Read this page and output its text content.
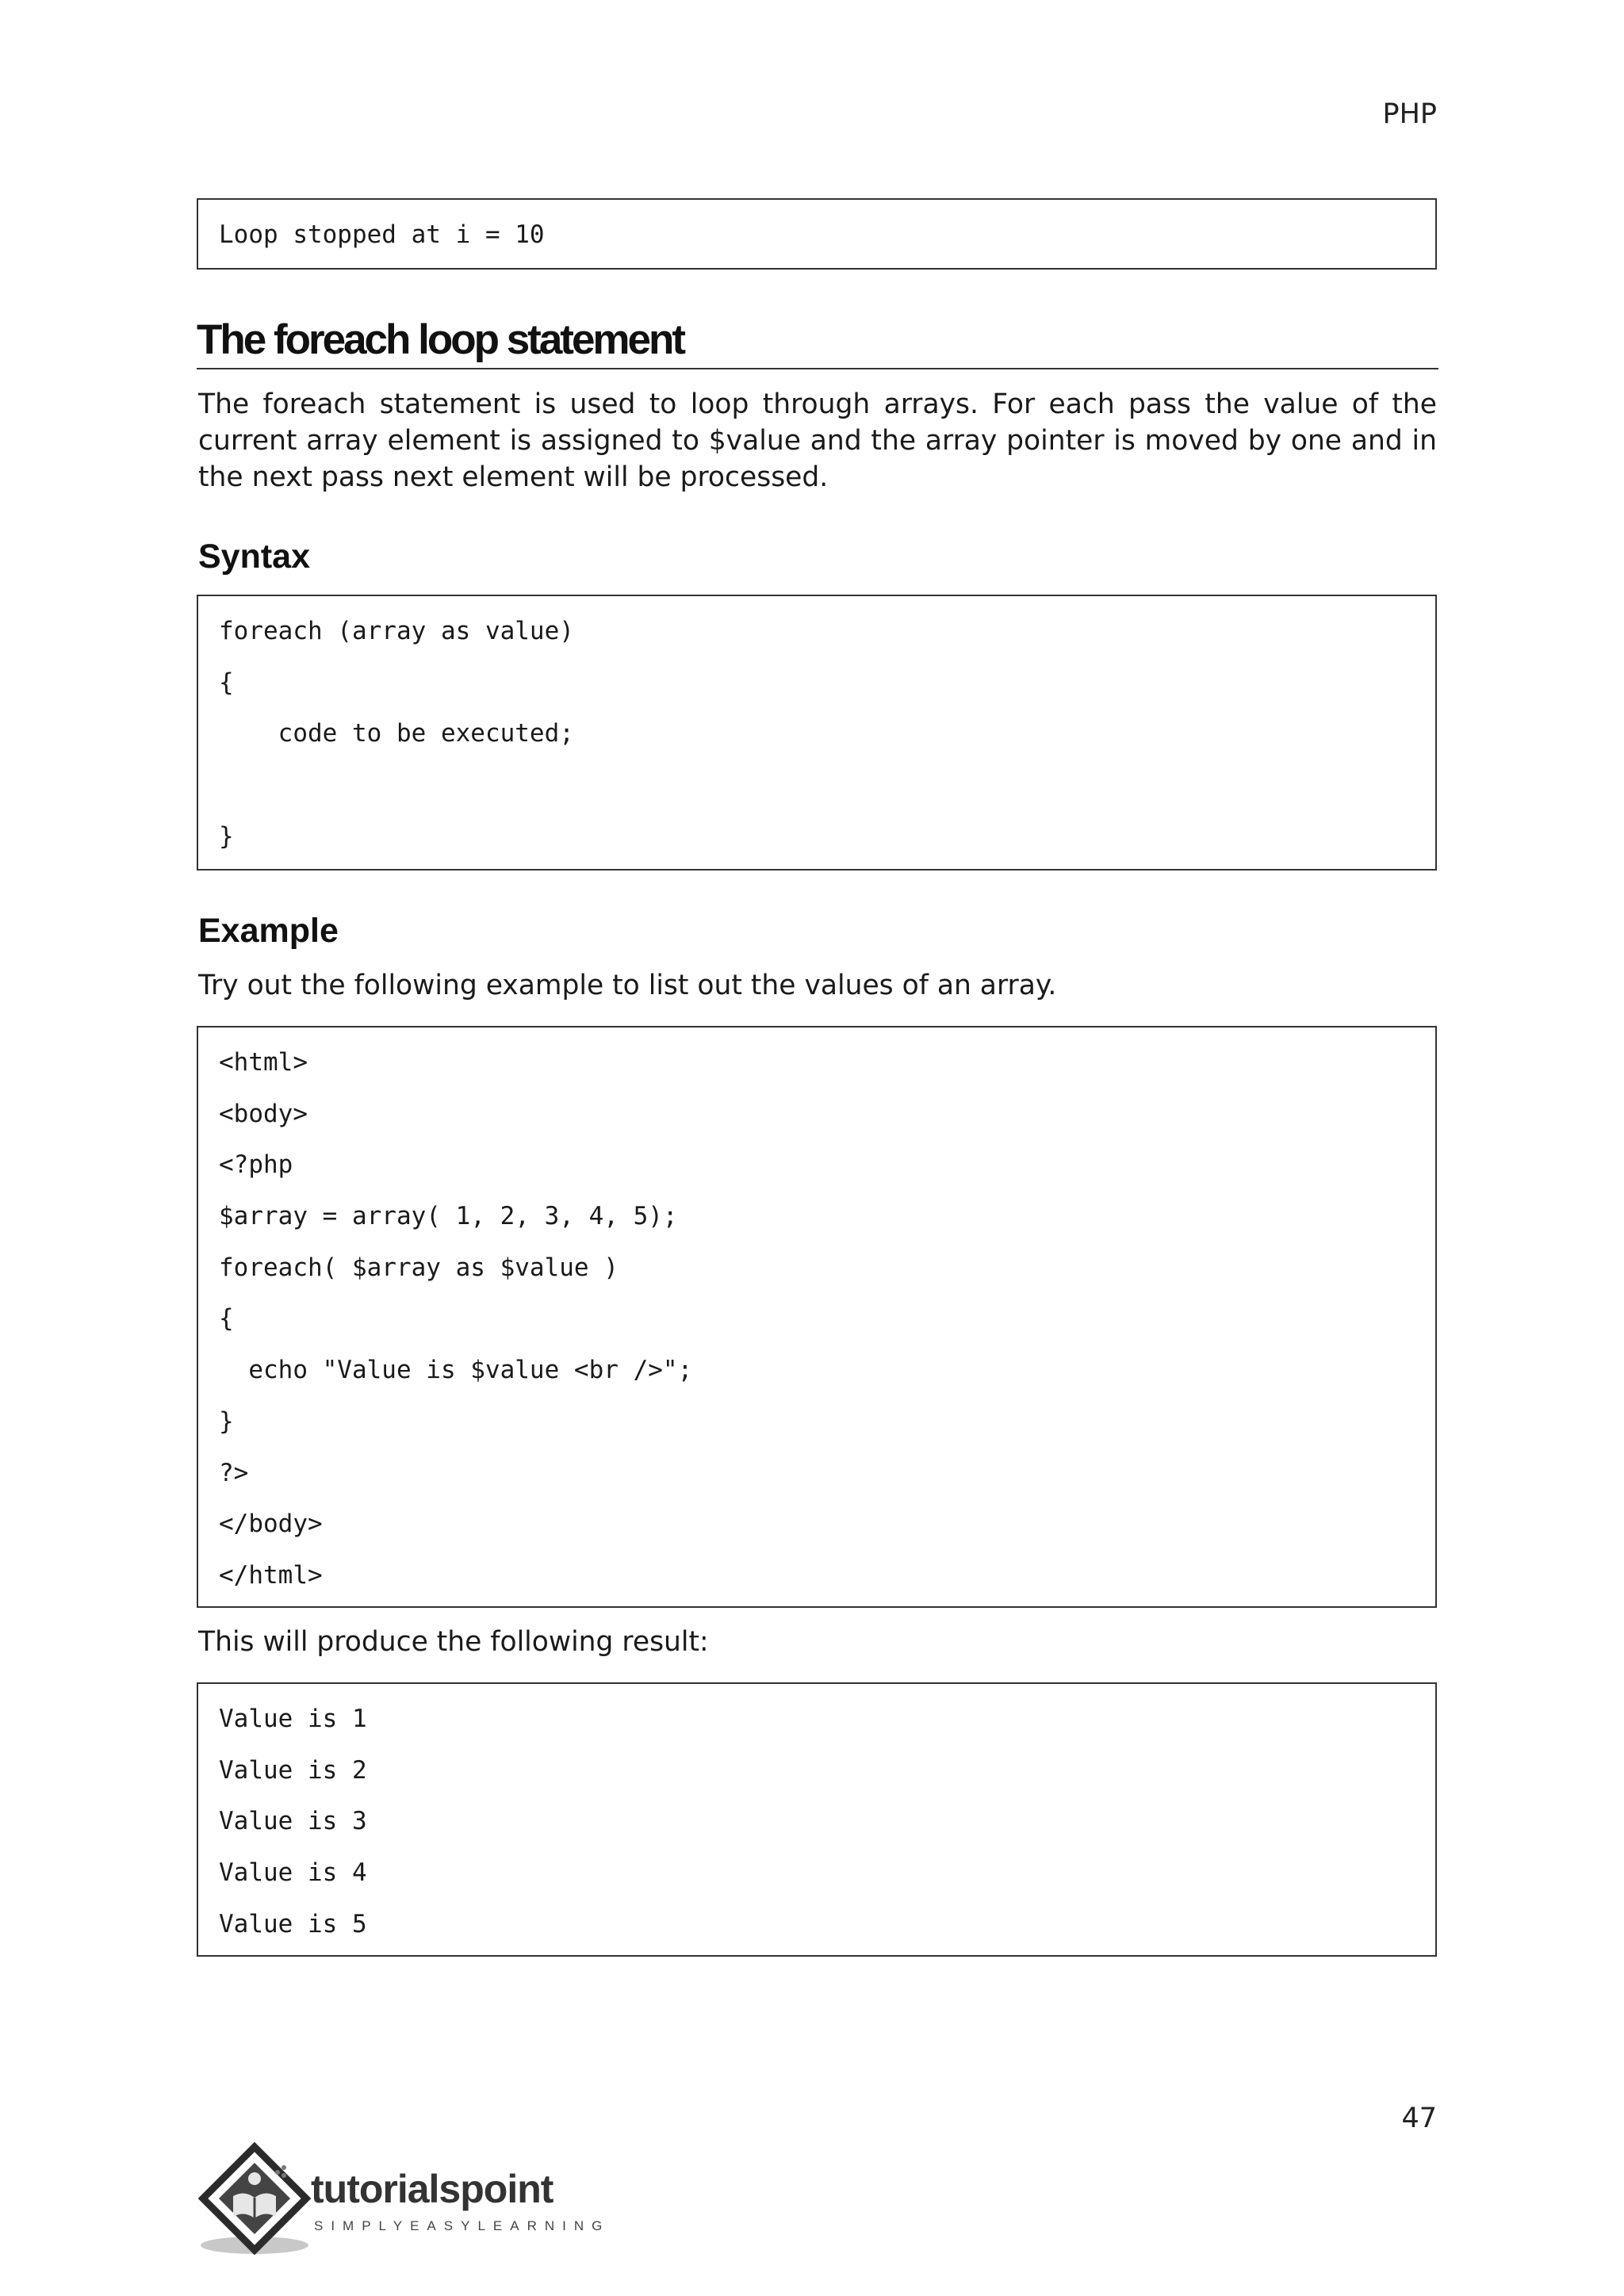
PHP
Loop stopped at i = 10
The foreach loop statement
The foreach statement is used to loop through arrays. For each pass the value of the current array element is assigned to $value and the array pointer is moved by one and in the next pass next element will be processed.
Syntax
foreach (array as value)
{
code to be executed;
}
Example
Try out the following example to list out the values of an array.
<html>
<body>
<?php
$array = array( 1, 2, 3, 4, 5);
foreach( $array as $value )
{
echo "Value is $value <br />";
}
?>
</body>
</html>
This will produce the following result:
Value is 1
Value is 2
Value is 3
Value is 4
Value is 5
47
tutorialspoint
SIMPLYEASYLEARNING
